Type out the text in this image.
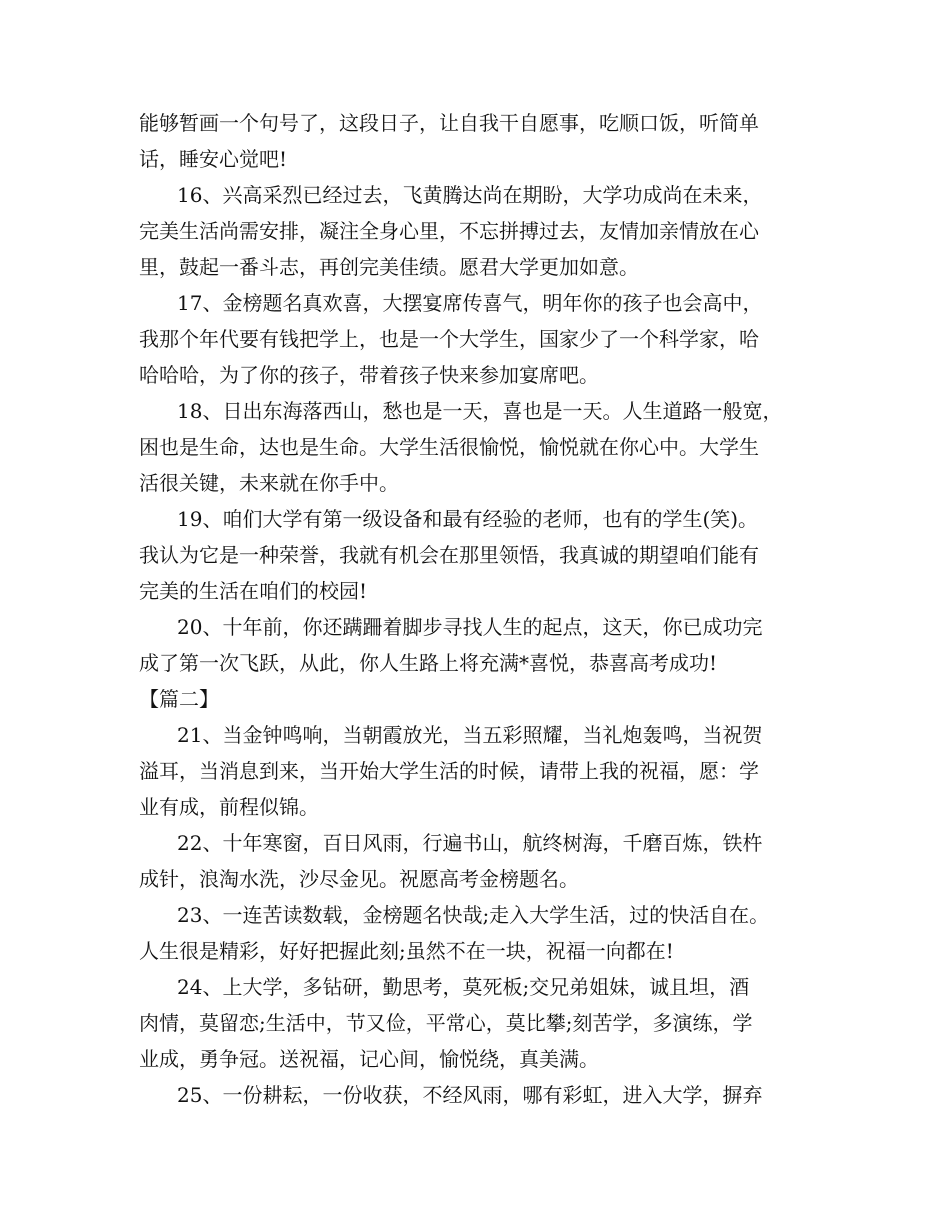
能够暂画一个句号了，这段日子，让自我干自愿事，吃顺口饭，听简单
话，睡安心觉吧!
16、兴高采烈已经过去，飞黄腾达尚在期盼，大学功成尚在未来，
完美生活尚需安排，凝注全身心里，不忘拼搏过去，友情加亲情放在心
里，鼓起一番斗志，再创完美佳绩。愿君大学更加如意。
17、金榜题名真欢喜，大摆宴席传喜气，明年你的孩子也会高中，
我那个年代要有钱把学上，也是一个大学生，国家少了一个科学家，哈
哈哈哈，为了你的孩子，带着孩子快来参加宴席吧。
18、日出东海落西山，愁也是一天，喜也是一天。人生道路一般宽，
困也是生命，达也是生命。大学生活很愉悦，愉悦就在你心中。大学生
活很关键，未来就在你手中。
19、咱们大学有第一级设备和最有经验的老师，也有的学生(笑)。
我认为它是一种荣誉，我就有机会在那里领悟，我真诚的期望咱们能有
完美的生活在咱们的校园!
20、十年前，你还蹒跚着脚步寻找人生的起点，这天，你已成功完
成了第一次飞跃，从此，你人生路上将充满*喜悦，恭喜高考成功!
【篇二】
21、当金钟鸣响，当朝霞放光，当五彩照耀，当礼炮轰鸣，当祝贺
溢耳，当消息到来，当开始大学生活的时候，请带上我的祝福，愿：学
业有成，前程似锦。
22、十年寒窗，百日风雨，行遍书山，航终树海，千磨百炼，铁杵
成针，浪淘水洗，沙尽金见。祝愿高考金榜题名。
23、一连苦读数载，金榜题名快哉;走入大学生活，过的快活自在。
人生很是精彩，好好把握此刻;虽然不在一块，祝福一向都在!
24、上大学，多钻研，勤思考，莫死板;交兄弟姐妹，诚且坦，酒
肉情，莫留恋;生活中，节又俭，平常心，莫比攀;刻苦学，多演练，学
业成，勇争冠。送祝福，记心间，愉悦绕，真美满。
25、一份耕耘，一份收获，不经风雨，哪有彩虹，进入大学，摒弃
